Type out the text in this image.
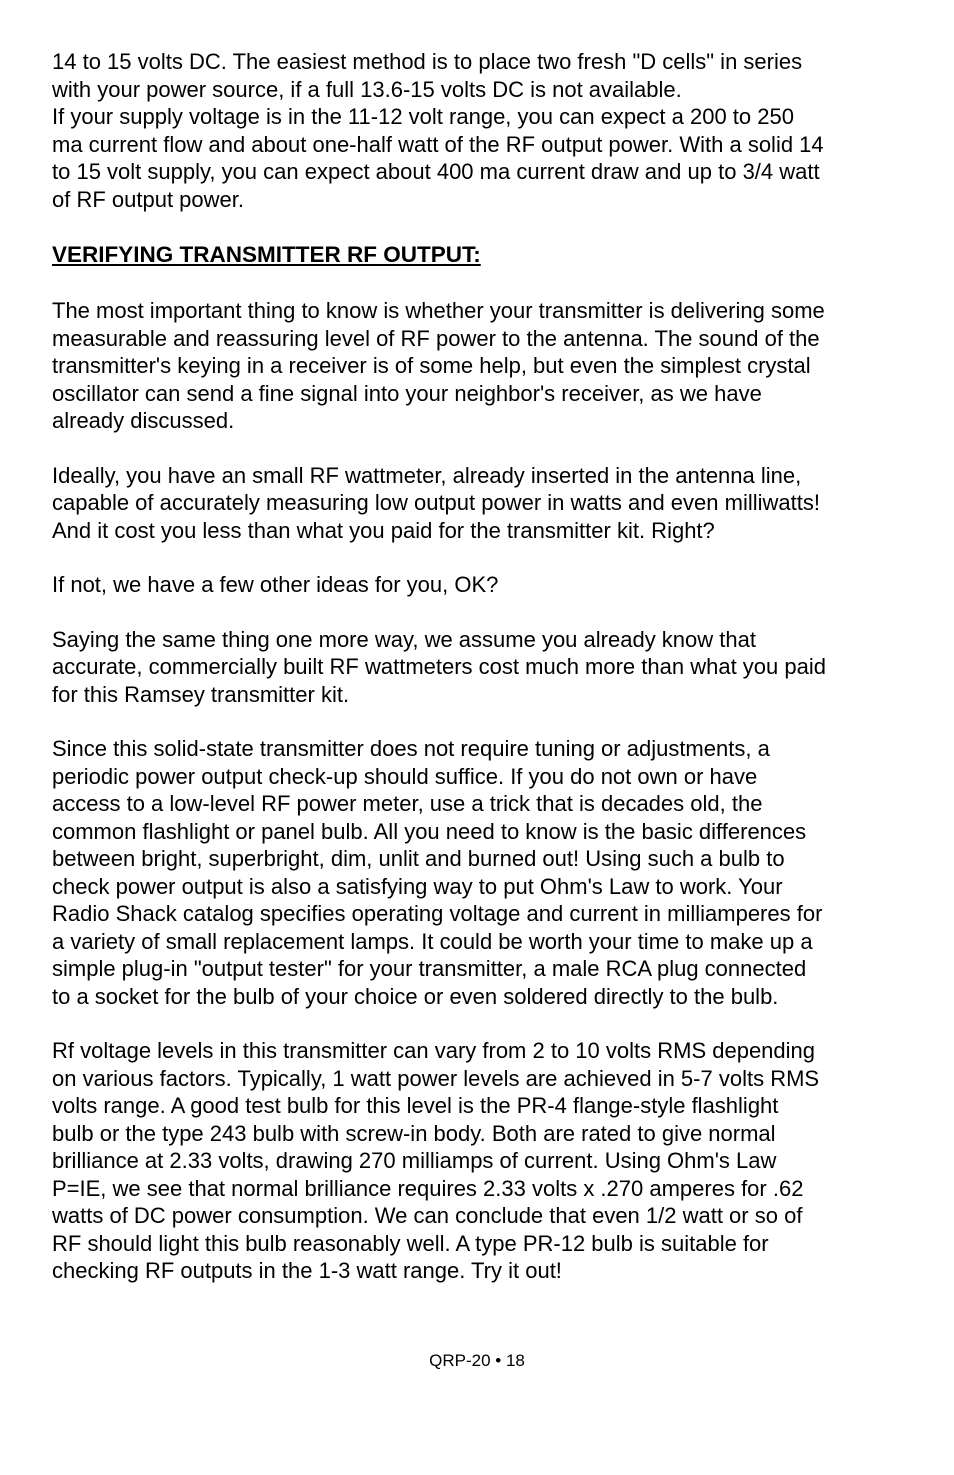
14 to 15 volts DC. The easiest method is to place two fresh "D cells" in series
with your power source, if a full 13.6-15 volts DC is not available.
If your supply voltage is in the 11-12 volt range, you can expect a 200 to 250
ma current flow and about one-half watt of the RF output power. With a solid 14
to 15 volt supply, you can expect about 400 ma current draw and up to 3/4 watt
of RF output power.

VERIFYING TRANSMITTER RF OUTPUT:

The most important thing to know is whether your transmitter is delivering some
measurable and reassuring level of RF power to the antenna. The sound of the
transmitter's keying in a receiver is of some help, but even the simplest crystal
oscillator can send a fine signal into your neighbor's receiver, as we have
already discussed.

Ideally, you have an small RF wattmeter, already inserted in the antenna line,
capable of accurately measuring low output power in watts and even milliwatts!
And it cost you less than what you paid for the transmitter kit. Right?

If not, we have a few other ideas for you, OK?

Saying the same thing one more way, we assume you already know that
accurate, commercially built RF wattmeters cost much more than what you paid
for this Ramsey transmitter kit.

Since this solid-state transmitter does not require tuning or adjustments, a
periodic power output check-up should suffice. If you do not own or have
access to a low-level RF power meter, use a trick that is decades old, the
common flashlight or panel bulb. All you need to know is the basic differences
between bright, superbright, dim, unlit and burned out! Using such a bulb to
check power output is also a satisfying way to put Ohm's Law to work. Your
Radio Shack catalog specifies operating voltage and current in milliamperes for
a variety of small replacement lamps. It could be worth your time to make up a
simple plug-in "output tester" for your transmitter, a male RCA plug connected
to a socket for the bulb of your choice or even soldered directly to the bulb.

Rf voltage levels in this transmitter can vary from 2 to 10 volts RMS depending
on various factors. Typically, 1 watt power levels are achieved in 5-7 volts RMS
volts range. A good test bulb for this level is the PR-4 flange-style flashlight
bulb or the type 243 bulb with screw-in body. Both are rated to give normal
brilliance at 2.33 volts, drawing 270 milliamps of current. Using Ohm's Law
P=IE, we see that normal brilliance requires 2.33 volts x .270 amperes for .62
watts of DC power consumption. We can conclude that even 1/2 watt or so of
RF should light this bulb reasonably well. A type PR-12 bulb is suitable for
checking RF outputs in the 1-3 watt range. Try it out!

QRP-20 • 18
